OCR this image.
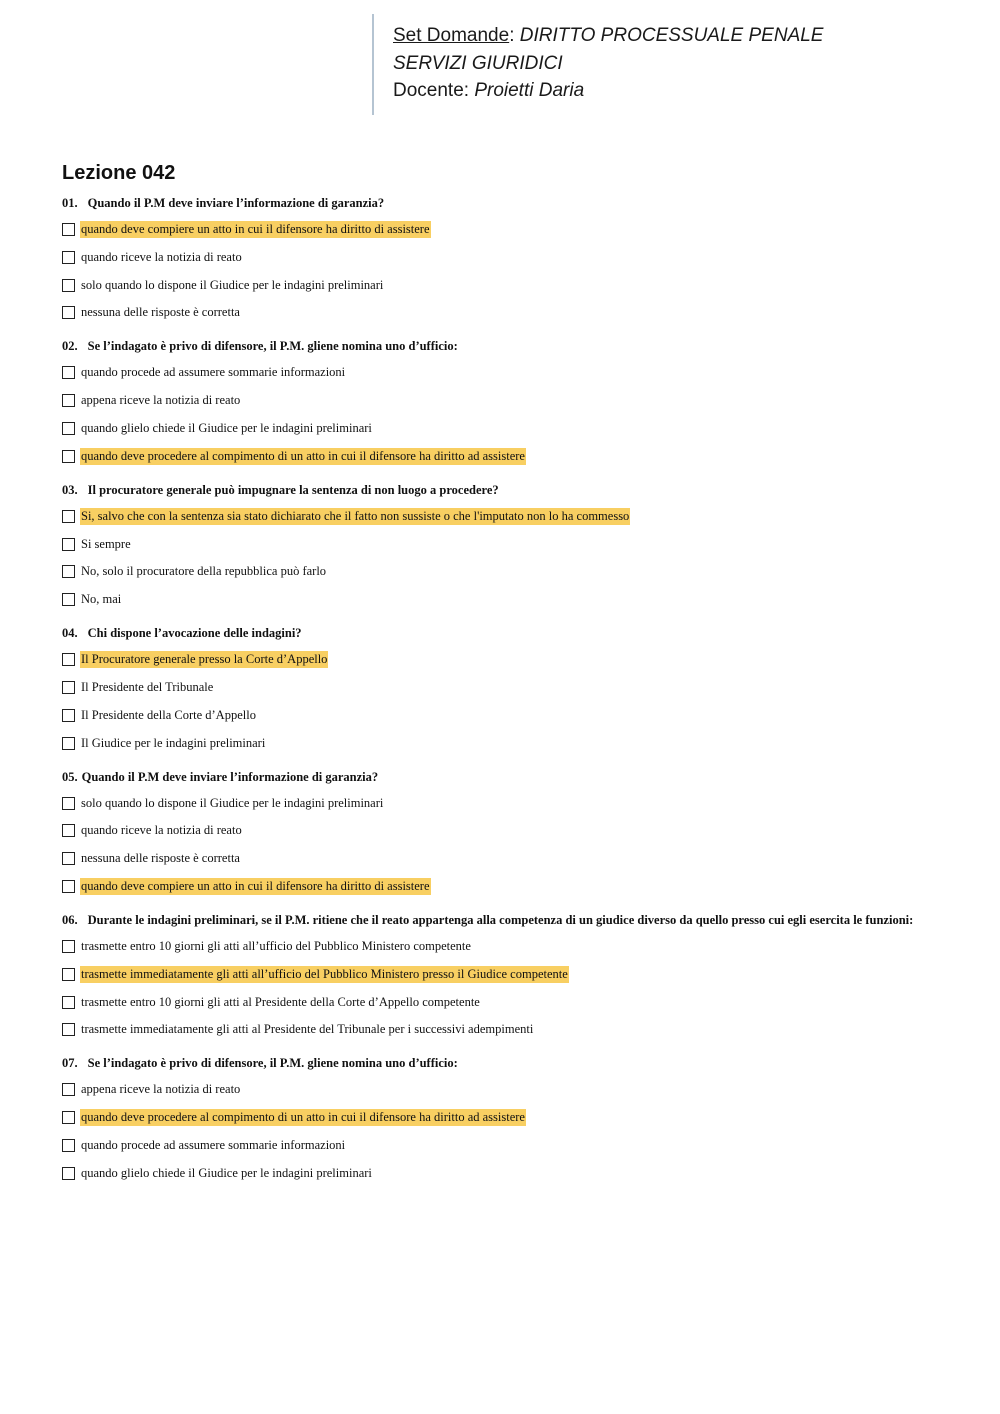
Set Domande: DIRITTO PROCESSUALE PENALE
SERVIZI GIURIDICI
Docente: Proietti Daria
Lezione 042
01. Quando il P.M deve inviare l’informazione di garanzia?
quando deve compiere un atto in cui il difensore ha diritto di assistere
quando riceve la notizia di reato
solo quando lo dispone il Giudice per le indagini preliminari
nessuna delle risposte è corretta
02. Se l’indagato è privo di difensore, il P.M. gliene nomina uno d’ufficio:
quando procede ad assumere sommarie informazioni
appena riceve la notizia di reato
quando glielo chiede il Giudice per le indagini preliminari
quando deve procedere al compimento di un atto in cui il difensore ha diritto ad assistere
03. Il procuratore generale può impugnare la sentenza di non luogo a procedere?
Si, salvo che con la sentenza sia stato dichiarato che il fatto non sussiste o che l'imputato non lo ha commesso
Si sempre
No, solo il procuratore della repubblica può farlo
No, mai
04. Chi dispone l’avocazione delle indagini?
Il Procuratore generale presso la Corte d’Appello
Il Presidente del Tribunale
Il Presidente della Corte d’Appello
Il Giudice per le indagini preliminari
05. Quando il P.M deve inviare l’informazione di garanzia?
solo quando lo dispone il Giudice per le indagini preliminari
quando riceve la notizia di reato
nessuna delle risposte è corretta
quando deve compiere un atto in cui il difensore ha diritto di assistere
06. Durante le indagini preliminari, se il P.M. ritiene che il reato appartenga alla competenza di un giudice diverso da quello presso cui egli esercita le funzioni:
trasmette entro 10 giorni gli atti all’ufficio del Pubblico Ministero competente
trasmette immediatamente gli atti all’ufficio del Pubblico Ministero presso il Giudice competente
trasmette entro 10 giorni gli atti al Presidente della Corte d’Appello competente
trasmette immediatamente gli atti al Presidente del Tribunale per i successivi adempimenti
07. Se l’indagato è privo di difensore, il P.M. gliene nomina uno d’ufficio:
appena riceve la notizia di reato
quando deve procedere al compimento di un atto in cui il difensore ha diritto ad assistere
quando procede ad assumere sommarie informazioni
quando glielo chiede il Giudice per le indagini preliminari
